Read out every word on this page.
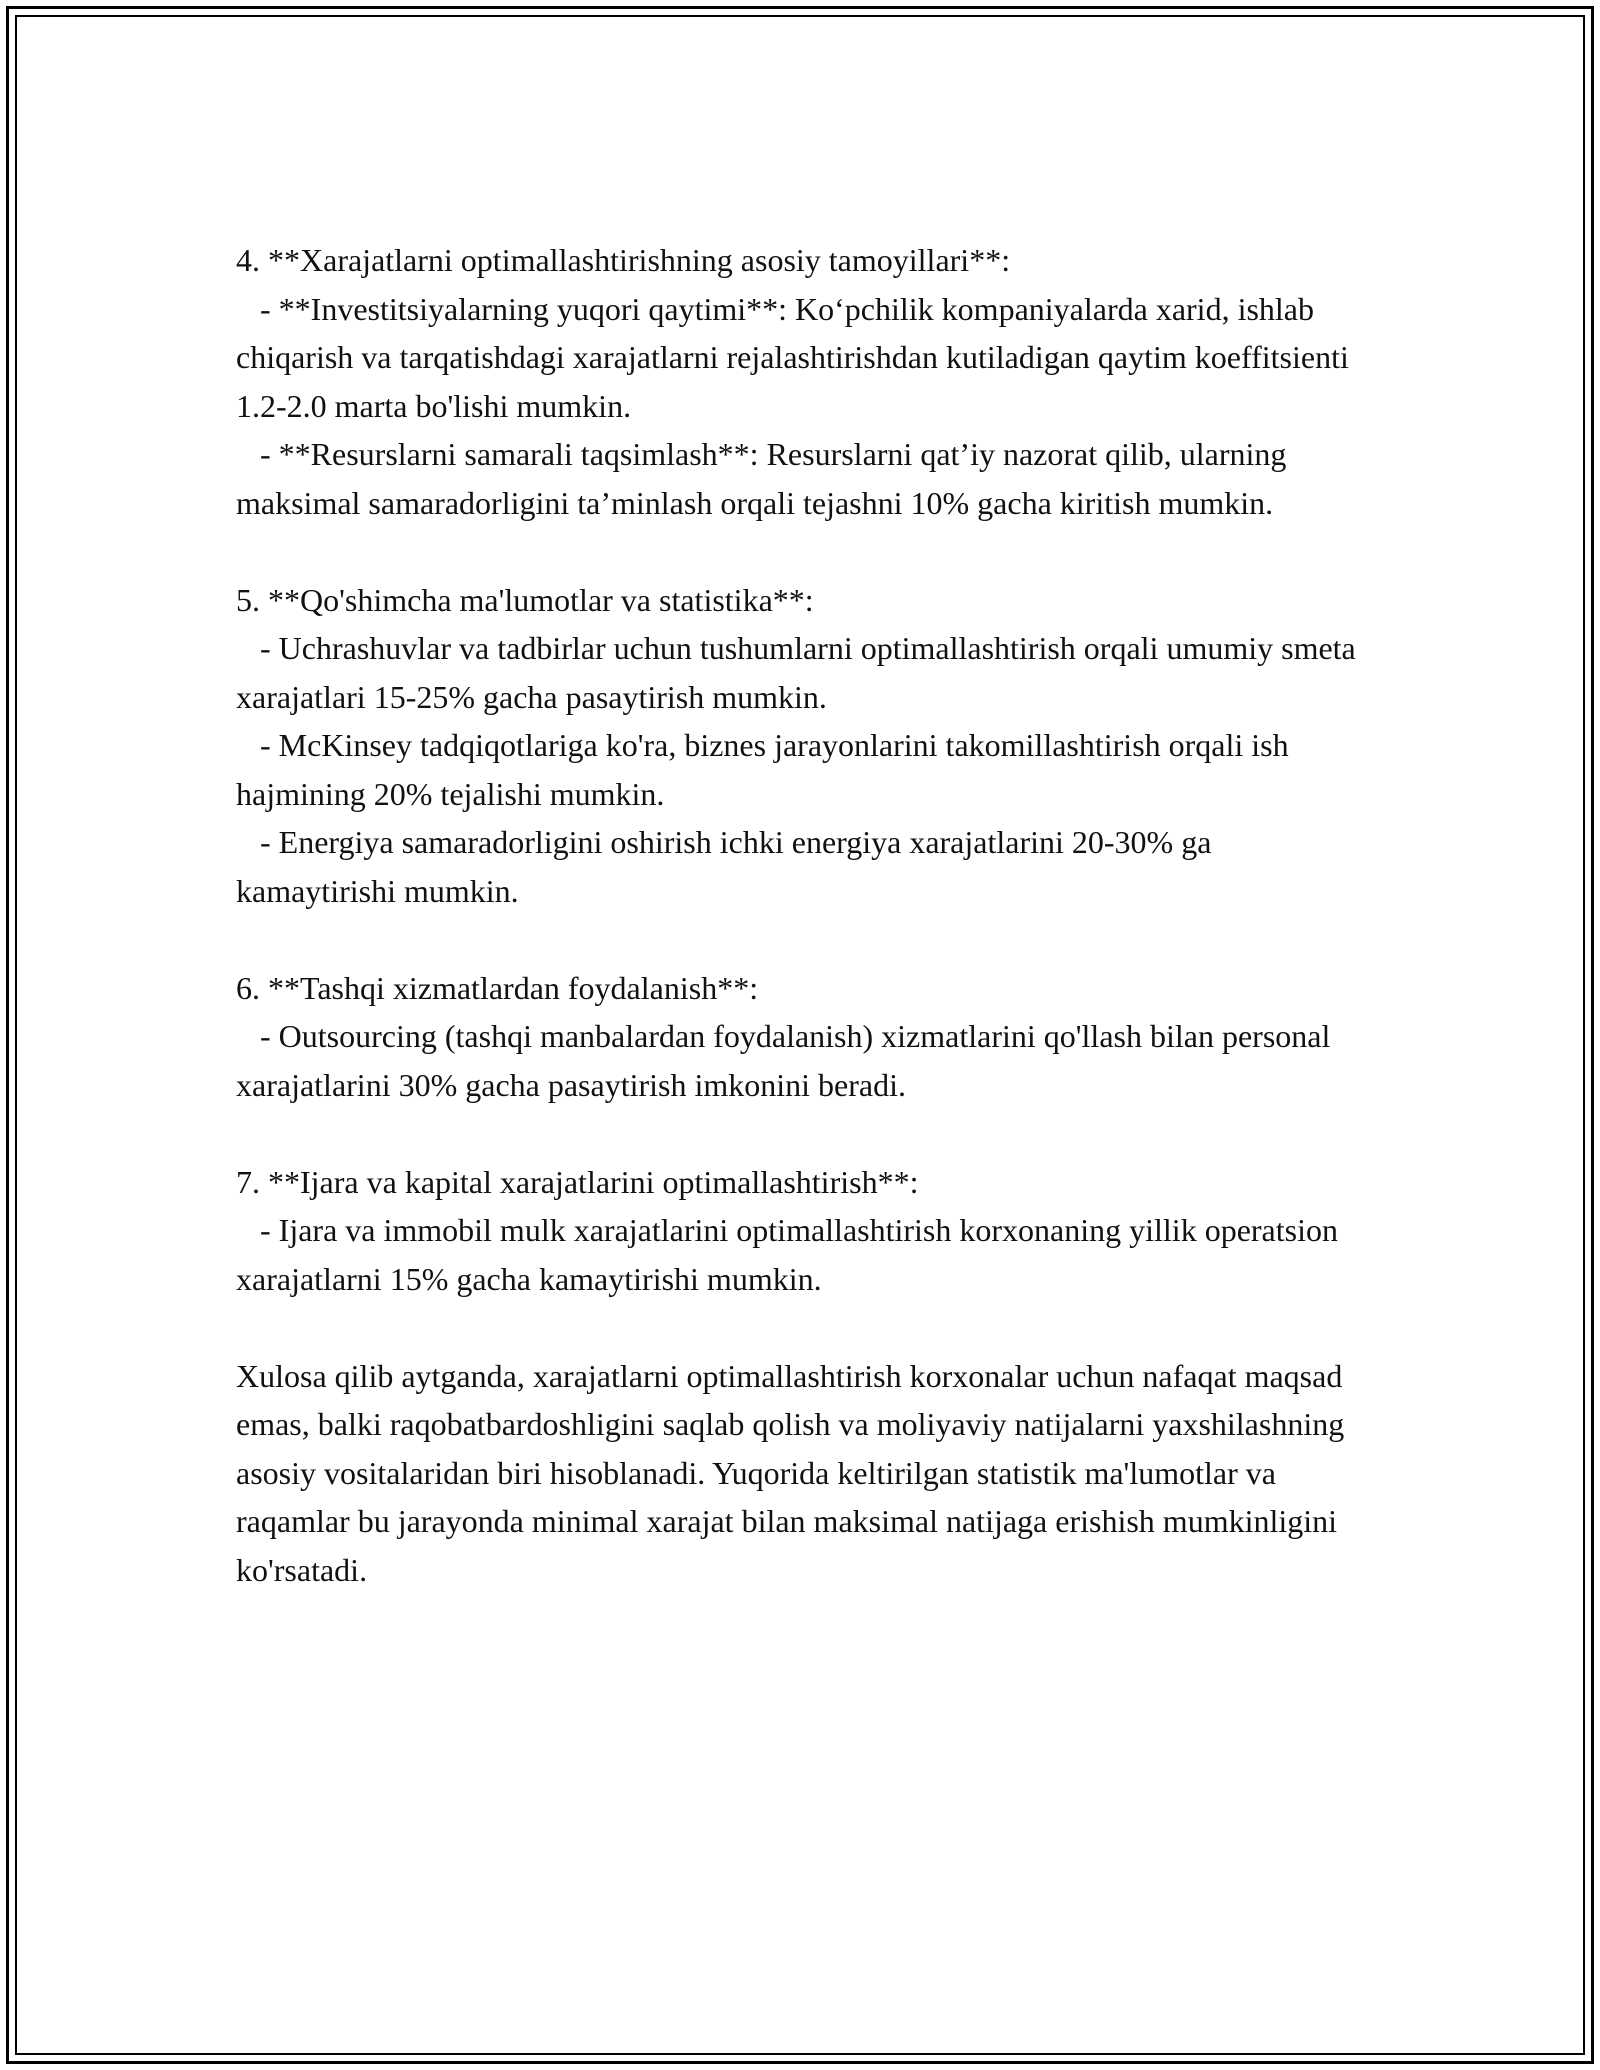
4. **Xarajatlarni optimallashtirishning asosiy tamoyillari**:
- **Investitsiyalarning yuqori qaytimi**: Ko‘pchilik kompaniyalarda xarid, ishlab chiqarish va tarqatishdagi xarajatlarni rejalashtirishdan kutiladigan qaytim koeffitsienti 1.2-2.0 marta bo'lishi mumkin.
- **Resurslarni samarali taqsimlash**: Resurslarni qat’iy nazorat qilib, ularning maksimal samaradorligini ta’minlash orqali tejashni 10% gacha kiritish mumkin.
5. **Qo'shimcha ma'lumotlar va statistika**:
- Uchrashuvlar va tadbirlar uchun tushumlarni optimallashtirish orqali umumiy smeta xarajatlari 15-25% gacha pasaytirish mumkin.
- McKinsey tadqiqotlariga ko'ra, biznes jarayonlarini takomillashtirish orqali ish hajmining 20% tejalishi mumkin.
- Energiya samaradorligini oshirish ichki energiya xarajatlarini 20-30% ga kamaytirishi mumkin.
6. **Tashqi xizmatlardan foydalanish**:
- Outsourcing (tashqi manbalardan foydalanish) xizmatlarini qo'llash bilan personal xarajatlarini 30% gacha pasaytirish imkonini beradi.
7. **Ijara va kapital xarajatlarini optimallashtirish**:
- Ijara va immobil mulk xarajatlarini optimallashtirish korxonaning yillik operatsion xarajatlarni 15% gacha kamaytirishi mumkin.
Xulosa qilib aytganda, xarajatlarni optimallashtirish korxonalar uchun nafaqat maqsad emas, balki raqobatbardoshligini saqlab qolish va moliyaviy natijalarni yaxshilashning asosiy vositalaridan biri hisoblanadi. Yuqorida keltirilgan statistik ma'lumotlar va raqamlar bu jarayonda minimal xarajat bilan maksimal natijaga erishish mumkinligini ko'rsatadi.
